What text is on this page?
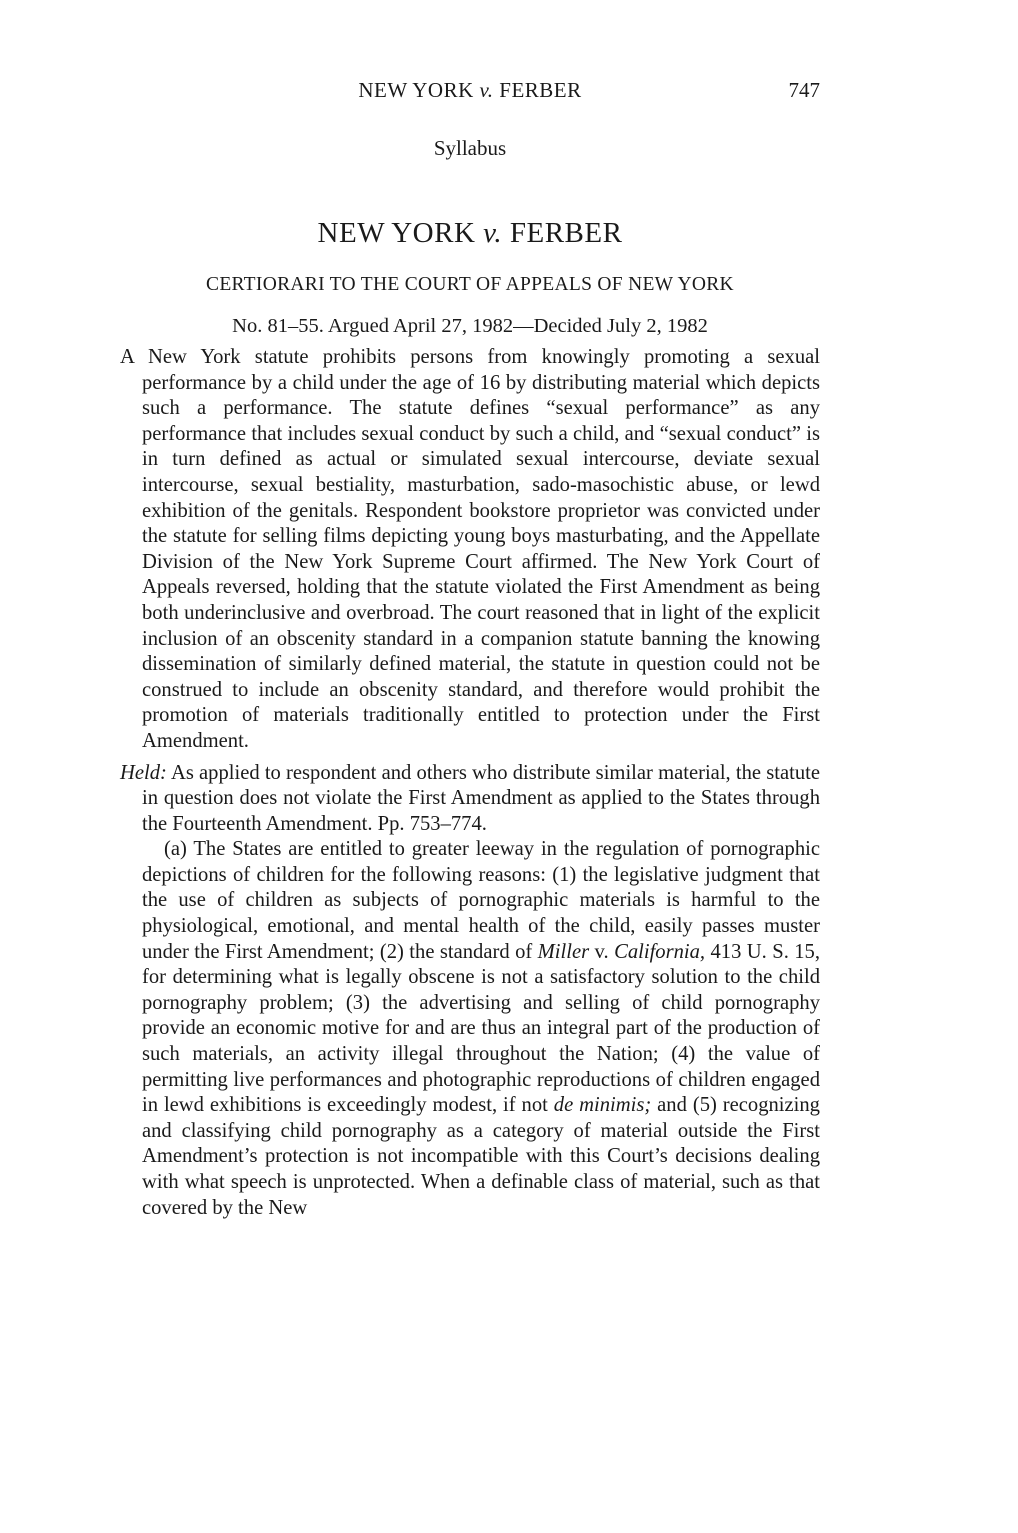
NEW YORK v. FERBER	747
Syllabus
NEW YORK v. FERBER
CERTIORARI TO THE COURT OF APPEALS OF NEW YORK
No. 81–55. Argued April 27, 1982—Decided July 2, 1982

A New York statute prohibits persons from knowingly promoting a sexual performance by a child under the age of 16 by distributing material which depicts such a performance. The statute defines “sexual performance” as any performance that includes sexual conduct by such a child, and “sexual conduct” is in turn defined as actual or simulated sexual intercourse, deviate sexual intercourse, sexual bestiality, masturbation, sado-masochistic abuse, or lewd exhibition of the genitals. Respondent bookstore proprietor was convicted under the statute for selling films depicting young boys masturbating, and the Appellate Division of the New York Supreme Court affirmed. The New York Court of Appeals reversed, holding that the statute violated the First Amendment as being both underinclusive and overbroad. The court reasoned that in light of the explicit inclusion of an obscenity standard in a companion statute banning the knowing dissemination of similarly defined material, the statute in question could not be construed to include an obscenity standard, and therefore would prohibit the promotion of materials traditionally entitled to protection under the First Amendment.

Held: As applied to respondent and others who distribute similar material, the statute in question does not violate the First Amendment as applied to the States through the Fourteenth Amendment. Pp. 753–774.

(a) The States are entitled to greater leeway in the regulation of pornographic depictions of children for the following reasons: (1) the legislative judgment that the use of children as subjects of pornographic materials is harmful to the physiological, emotional, and mental health of the child, easily passes muster under the First Amendment; (2) the standard of Miller v. California, 413 U. S. 15, for determining what is legally obscene is not a satisfactory solution to the child pornography problem; (3) the advertising and selling of child pornography provide an economic motive for and are thus an integral part of the production of such materials, an activity illegal throughout the Nation; (4) the value of permitting live performances and photographic reproductions of children engaged in lewd exhibitions is exceedingly modest, if not de minimis; and (5) recognizing and classifying child pornography as a category of material outside the First Amendment’s protection is not incompatible with this Court’s decisions dealing with what speech is unprotected. When a definable class of material, such as that covered by the New
